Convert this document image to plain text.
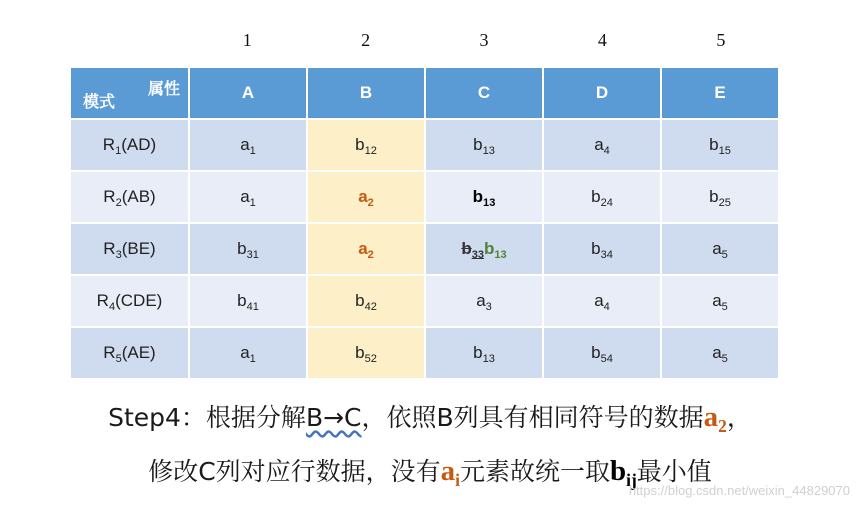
1	2	3	4	5
属性
模式	A	B	C	D	E
$R_1(AD)$	$a_1$	$b_{12}$	$b_{13}$	$a_4$	$b_{15}$
$R_2(AB)$	$a_1$	$a_2$	$b_{13}$	$b_{24}$	$b_{25}$
$R_3(BE)$	$b_{31}$	$a_2$	$b_{33}b_{13}$	$b_{34}$	$a_5$
$R_4(CDE)$	$b_{41}$	$b_{42}$	$a_3$	$a_4$	$a_5$
$R_5(AE)$	$a_1$	$b_{52}$	$b_{13}$	$b_{54}$	$a_5$
Step4：根据分解B→C，依照B列具有相同符号的数据$a_2$，
修改C列对应行数据，没有$a_i$元素故统一取$b_{ij}$最小值
https://blog.csdn.net/weixin_44829070
